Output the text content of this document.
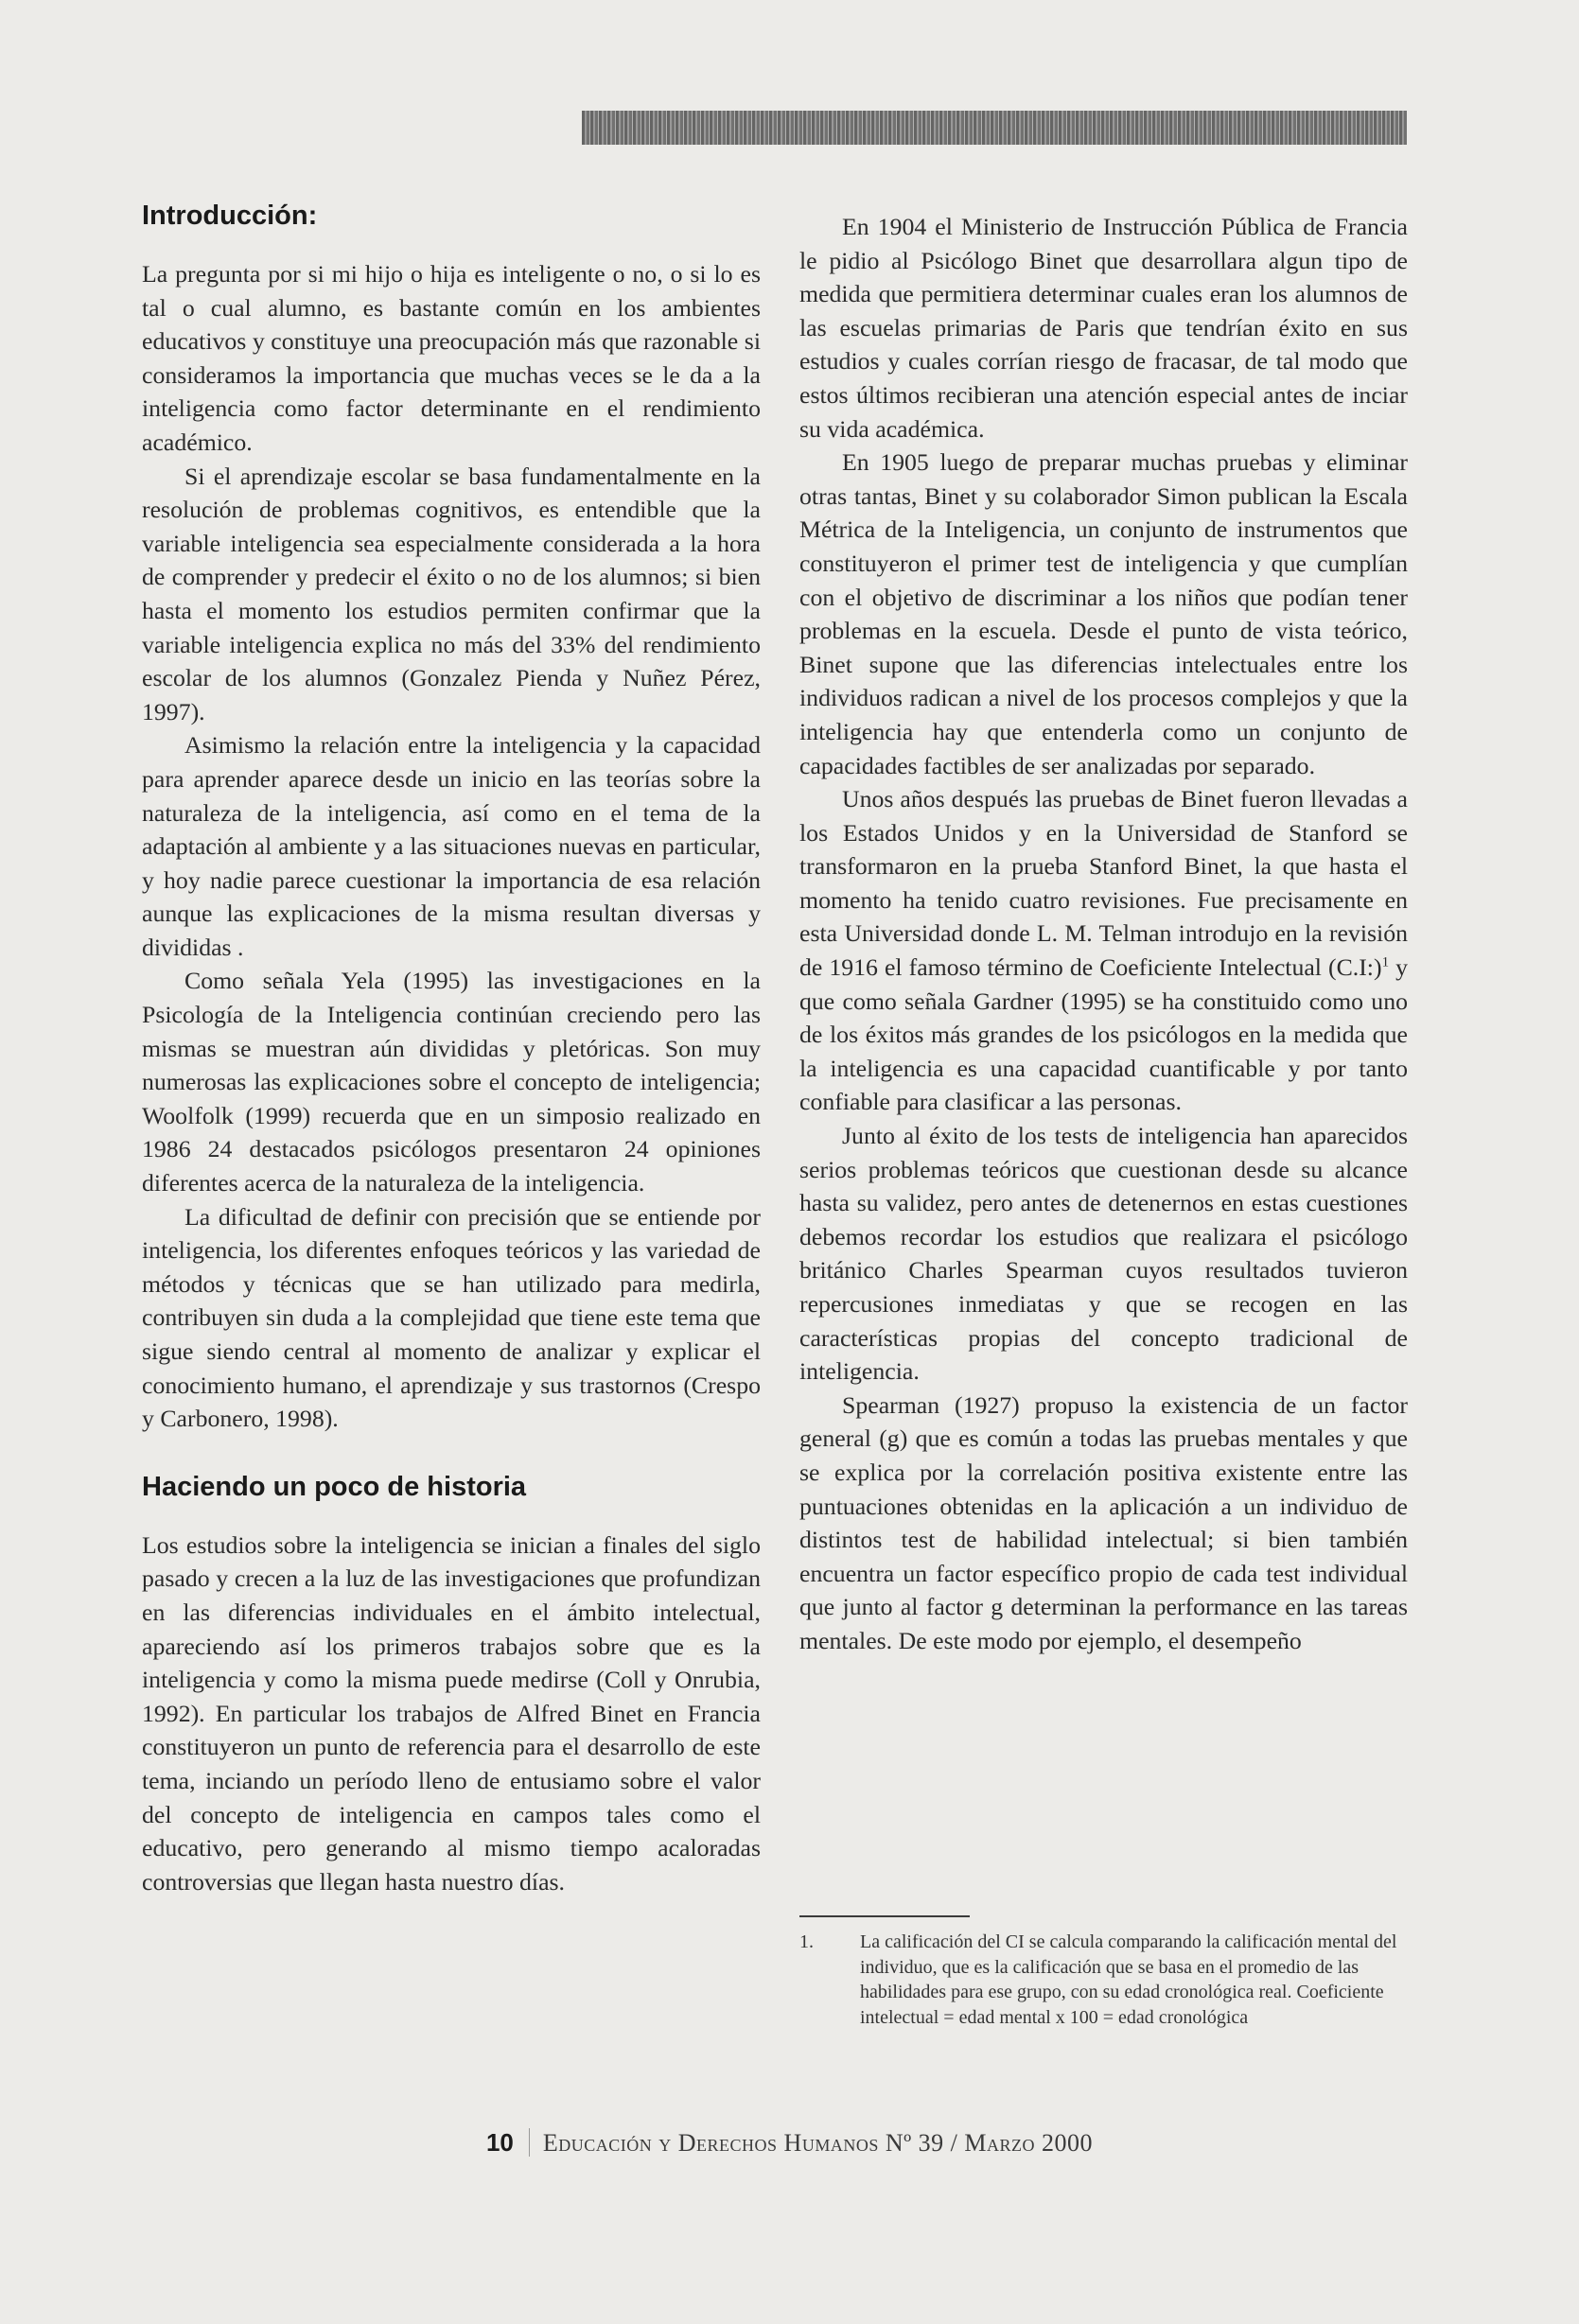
Introducción:

La pregunta por si mi hijo o hija es inteligente o no, o si lo es tal o cual alumno, es bastante común en los ambientes educativos y constituye una preocupación más que razonable si consideramos la importancia que muchas veces se le da a la inteligencia como factor determinante en el rendimiento académico.

Si el aprendizaje escolar se basa fundamentalmente en la resolución de problemas cognitivos, es entendible que la variable inteligencia sea especialmente considerada a la hora de comprender y predecir el éxito o no de los alumnos; si bien hasta el momento los estudios permiten confirmar que la variable inteligencia explica no más del 33% del rendimiento escolar de los alumnos (Gonzalez Pienda y Nuñez Pérez, 1997).

Asimismo la relación entre la inteligencia y la capacidad para aprender aparece desde un inicio en las teorías sobre la naturaleza de la inteligencia, así como en el tema de la adaptación al ambiente y a las situaciones nuevas en particular, y hoy nadie parece cuestionar la importancia de esa relación aunque las explicaciones de la misma resultan diversas y divididas .

Como señala Yela (1995) las investigaciones en la Psicología de la Inteligencia continúan creciendo pero las mismas se muestran aún divididas y pletóricas. Son muy numerosas las explicaciones sobre el concepto de inteligencia; Woolfolk (1999) recuerda que en un simposio realizado en 1986 24 destacados psicólogos presentaron 24 opiniones diferentes acerca de la naturaleza de la inteligencia.

La dificultad de definir con precisión que se entiende por inteligencia, los diferentes enfoques teóricos y las variedad de métodos y técnicas que se han utilizado para medirla, contribuyen sin duda a la complejidad que tiene este tema que sigue siendo central al momento de analizar y explicar el conocimiento humano, el aprendizaje y sus trastornos (Crespo y Carbonero, 1998).

Haciendo un poco de historia

Los estudios sobre la inteligencia se inician a finales del siglo pasado y crecen a la luz de las investigaciones que profundizan en las diferencias individuales en el ámbito intelectual, apareciendo así los primeros trabajos sobre que es la inteligencia y como la misma puede medirse (Coll y Onrubia, 1992). En particular los trabajos de Alfred Binet en Francia constituyeron un punto de referencia para el desarrollo de este tema, inciando un período lleno de entusiamo sobre el valor del concepto de inteligencia en campos tales como el educativo, pero generando al mismo tiempo acaloradas controversias que llegan hasta nuestro días.

En 1904 el Ministerio de Instrucción Pública de Francia le pidio al Psicólogo Binet que desarrollara algun tipo de medida que permitiera determinar cuales eran los alumnos de las escuelas primarias de Paris que tendrían éxito en sus estudios y cuales corrían riesgo de fracasar, de tal modo que estos últimos recibieran una atención especial antes de inciar su vida académica.

En 1905 luego de preparar muchas pruebas y eliminar otras tantas, Binet y su colaborador Simon publican la Escala Métrica de la Inteligencia, un conjunto de instrumentos que constituyeron el primer test de inteligencia y que cumplían con el objetivo de discriminar a los niños que podían tener problemas en la escuela. Desde el punto de vista teórico, Binet supone que las diferencias intelectuales entre los individuos radican a nivel de los procesos complejos y que la inteligencia hay que entenderla como un conjunto de capacidades factibles de ser analizadas por separado.

Unos años después las pruebas de Binet fueron llevadas a los Estados Unidos y en la Universidad de Stanford se transformaron en la prueba Stanford Binet, la que hasta el momento ha tenido cuatro revisiones. Fue precisamente en esta Universidad donde L. M. Telman introdujo en la revisión de 1916 el famoso término de Coeficiente Intelectual (C.I:)$^1$ y que como señala Gardner (1995) se ha constituido como uno de los éxitos más grandes de los psicólogos en la medida que la inteligencia es una capacidad cuantificable y por tanto confiable para clasificar a las personas.

Junto al éxito de los tests de inteligencia han aparecidos serios problemas teóricos que cuestionan desde su alcance hasta su validez, pero antes de detenernos en estas cuestiones debemos recordar los estudios que realizara el psicólogo británico Charles Spearman cuyos resultados tuvieron repercusiones inmediatas y que se recogen en las características propias del concepto tradicional de inteligencia.

Spearman (1927) propuso la existencia de un factor general (g) que es común a todas las pruebas mentales y que se explica por la correlación positiva existente entre las puntuaciones obtenidas en la aplicación a un individuo de distintos test de habilidad intelectual; si bien también encuentra un factor específico propio de cada test individual que junto al factor g determinan la performance en las tareas mentales. De este modo por ejemplo, el desempeño

1.	La calificación del CI se calcula comparando la calificación mental del individuo, que es la calificación que se basa en el promedio de las habilidades para ese grupo, con su edad cronológica real. Coeficiente intelectual = edad mental x 100 = edad cronológica
10 Educación y Derechos Humanos Nº 39 / Marzo 2000
